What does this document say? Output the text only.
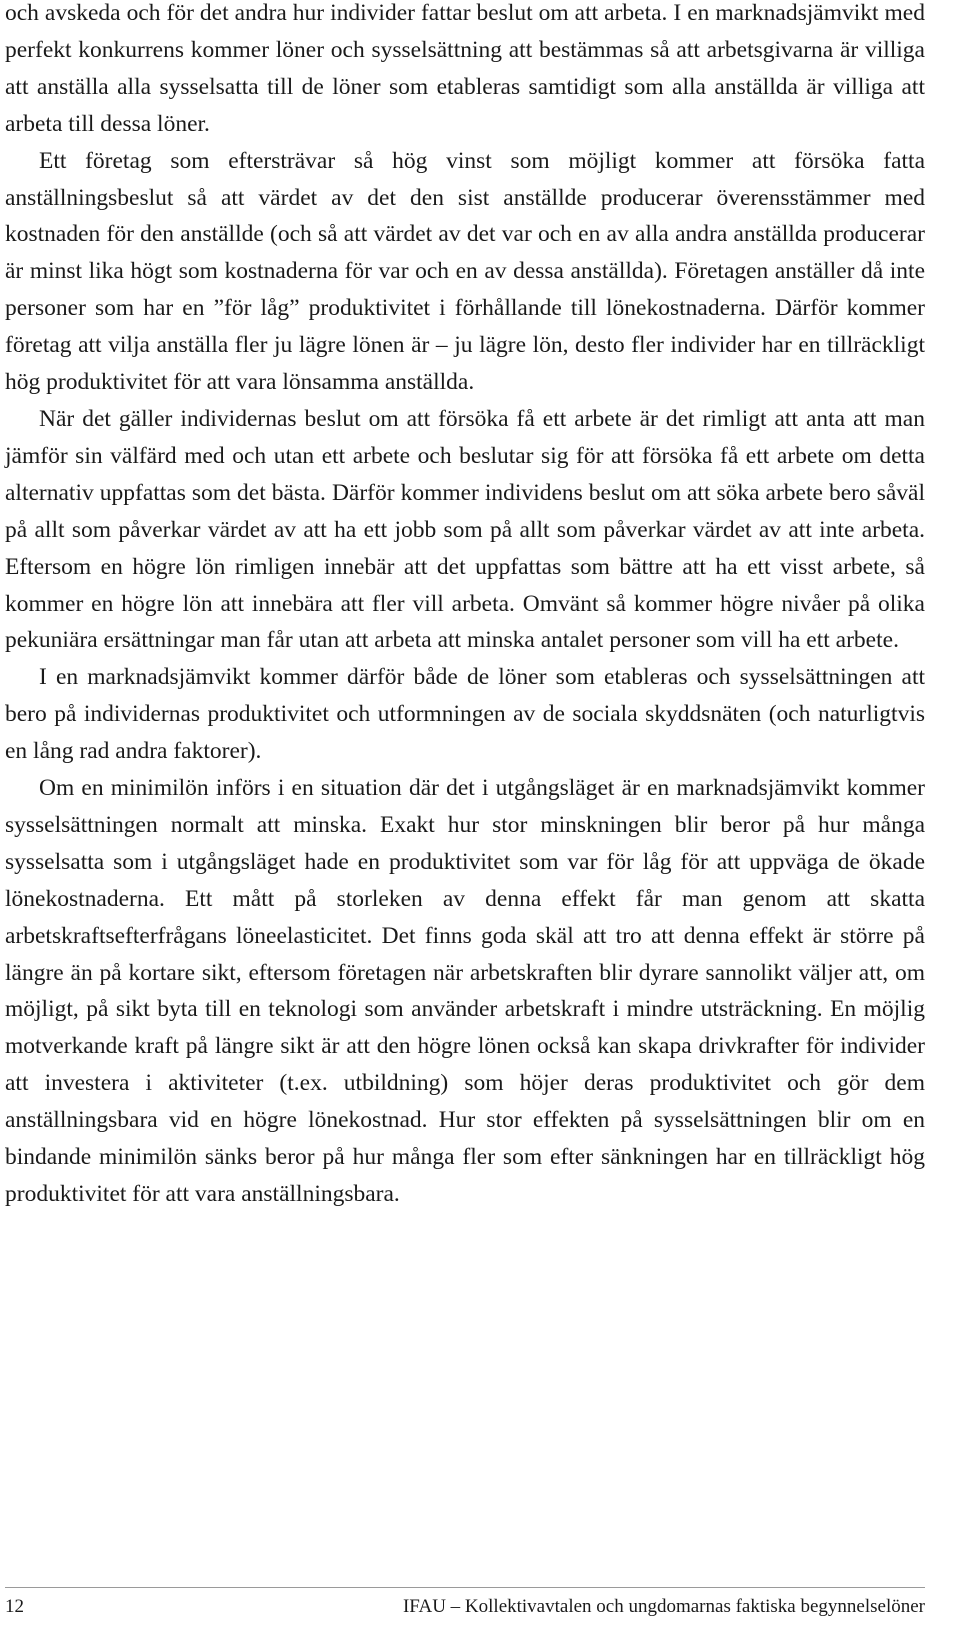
och avskeda och för det andra hur individer fattar beslut om att arbeta. I en marknadsjämvikt med perfekt konkurrens kommer löner och sysselsättning att bestämmas så att arbetsgivarna är villiga att anställa alla sysselsatta till de löner som etableras samtidigt som alla anställda är villiga att arbeta till dessa löner.

Ett företag som eftersträvar så hög vinst som möjligt kommer att försöka fatta anställningsbeslut så att värdet av det den sist anställde producerar överensstämmer med kostnaden för den anställde (och så att värdet av det var och en av alla andra anställda producerar är minst lika högt som kostnaderna för var och en av dessa anställda). Företagen anställer då inte personer som har en ”för låg” produktivitet i förhållande till lönekostnaderna. Därför kommer företag att vilja anställa fler ju lägre lönen är – ju lägre lön, desto fler individer har en tillräckligt hög produktivitet för att vara lönsamma anställda.

När det gäller individernas beslut om att försöka få ett arbete är det rimligt att anta att man jämför sin välfärd med och utan ett arbete och beslutar sig för att försöka få ett arbete om detta alternativ uppfattas som det bästa. Därför kommer individens beslut om att söka arbete bero såväl på allt som påverkar värdet av att ha ett jobb som på allt som påverkar värdet av att inte arbeta. Eftersom en högre lön rimligen innebär att det uppfattas som bättre att ha ett visst arbete, så kommer en högre lön att innebära att fler vill arbeta. Omvänt så kommer högre nivåer på olika pekuniära ersättningar man får utan att arbeta att minska antalet personer som vill ha ett arbete.

I en marknadsjämvikt kommer därför både de löner som etableras och sysselsättningen att bero på individernas produktivitet och utformningen av de sociala skyddsnäten (och naturligtvis en lång rad andra faktorer).

Om en minimilön införs i en situation där det i utgångsläget är en marknadsjämvikt kommer sysselsättningen normalt att minska. Exakt hur stor minskningen blir beror på hur många sysselsatta som i utgångsläget hade en produktivitet som var för låg för att uppväga de ökade lönekostnaderna. Ett mått på storleken av denna effekt får man genom att skatta arbetskraftsefterfrågans löneelasticitet. Det finns goda skäl att tro att denna effekt är större på längre än på kortare sikt, eftersom företagen när arbetskraften blir dyrare sannolikt väljer att, om möjligt, på sikt byta till en teknologi som använder arbetskraft i mindre utsträckning. En möjlig motverkande kraft på längre sikt är att den högre lönen också kan skapa drivkrafter för individer att investera i aktiviteter (t.ex. utbildning) som höjer deras produktivitet och gör dem anställningsbara vid en högre lönekostnad. Hur stor effekten på sysselsättningen blir om en bindande minimilön sänks beror på hur många fler som efter sänkningen har en tillräckligt hög produktivitet för att vara anställningsbara.

12	IFAU – Kollektivavtalen och ungdomarnas faktiska begynnelselöner
